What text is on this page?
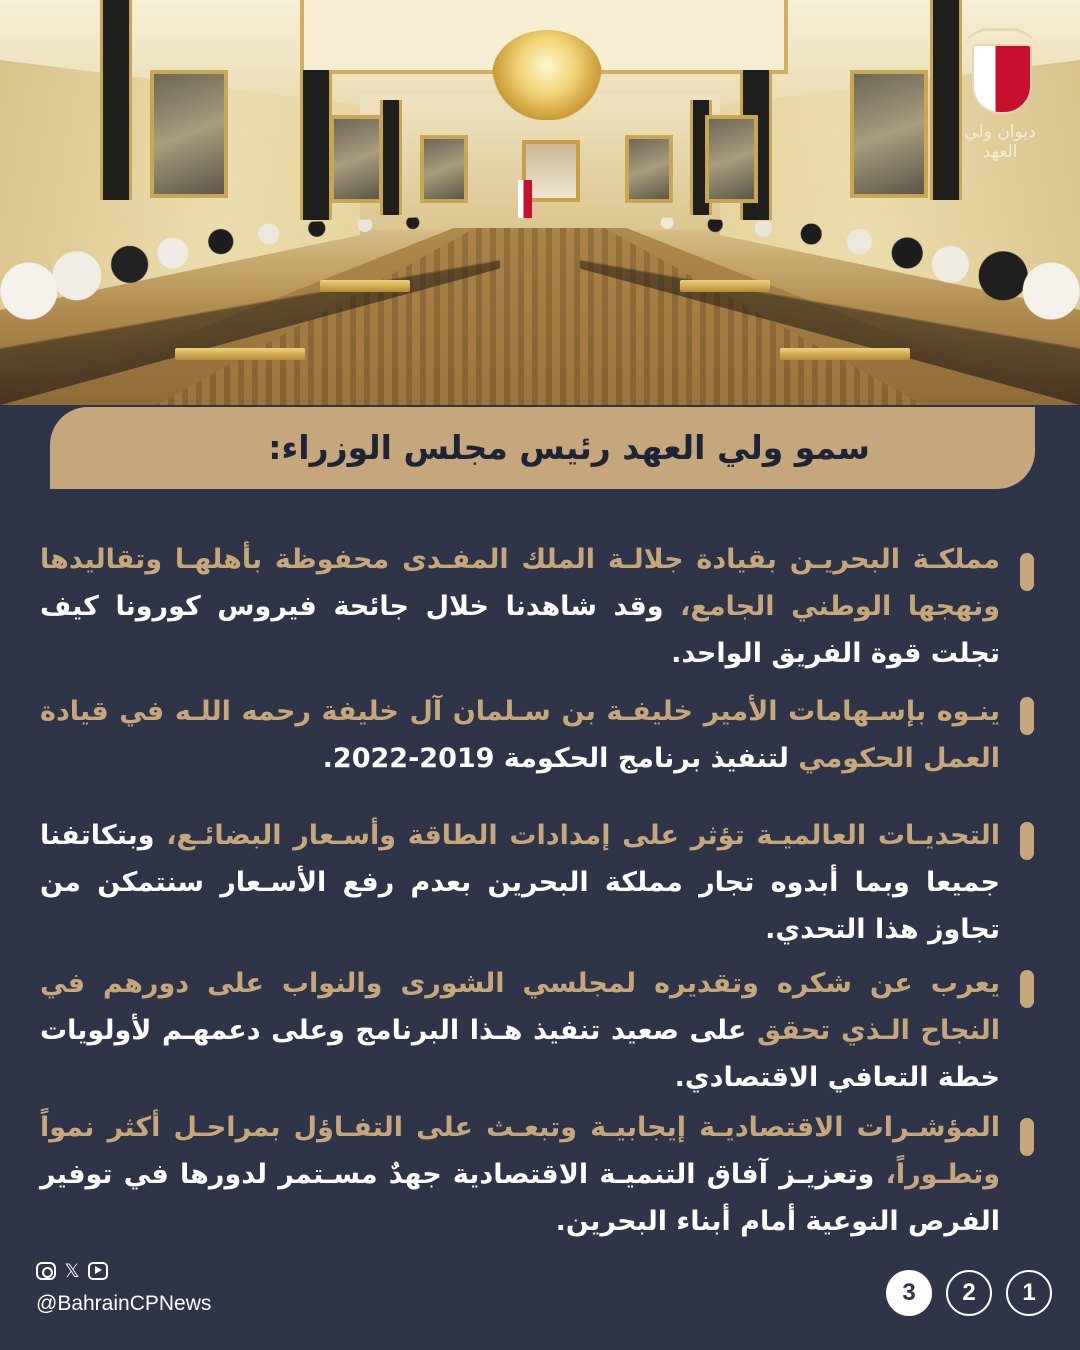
ديوان ولي العهد
سمو ولي العهد رئيس مجلس الوزراء:
مملكـة البحريـن بقيادة جلالـة الملك المفـدى محفوظة بأهلهـا وتقاليدها ونهجها الوطني الجامع، وقد شاهدنا خلال جائحة فيروس كورونا كيف تجلت قوة الفريق الواحد.
ينـوه بإسـهامات الأمير خليفـة بن سـلمان آل خليفة رحمه اللـه في قيادة العمل الحكومي لتنفيذ برنامج الحكومة 2019-2022.
التحديـات العالميـة تؤثر على إمدادات الطاقة وأسـعار البضائـع، وبتكاتفنا جميعا وبما أبدوه تجار مملكة البحرين بعدم رفع الأسـعار سنتمكن من تجاوز هذا التحدي.
يعرب عن شكره وتقديره لمجلسي الشورى والنواب على دورهم في النجاح الـذي تحقق على صعيد تنفيذ هـذا البرنامج وعلى دعمهـم لأولويات خطة التعافي الاقتصادي.
المؤشـرات الاقتصاديـة إيجابيـة وتبعـث على التفـاؤل بمراحـل أكثر نمواً وتطـوراً، وتعزيـز آفاق التنميـة الاقتصادية جهدٌ مسـتمر لدورها في توفير الفرص النوعية أمام أبناء البحرين.
𝕏
@BahrainCPNews	3	2	1
